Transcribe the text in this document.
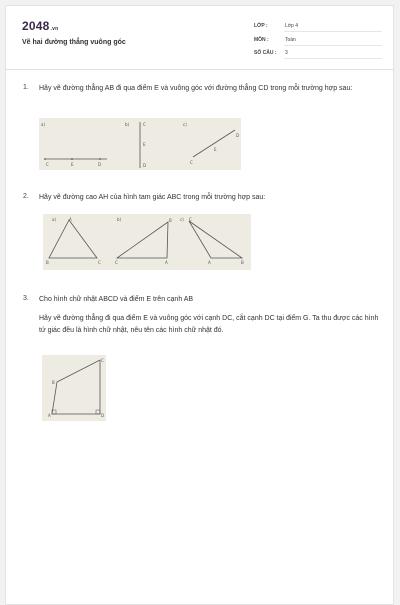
2048.vn
Vẽ hai đường thẳng vuông góc
LỚP :	Lớp 4
MÔN :	Toán
SỐ CÂU : 3
1. Hãy vẽ đường thẳng AB đi qua điểm E và vuông góc với đường thẳng CD trong mỗi trường hợp sau:
a)
C	E	D
b)	C
E
D
c)
D
E
C
2. Hãy vẽ đường cao AH của hình tam giác ABC trong mỗi trường hợp sau:
a)	A
B	C
b)	B
C	A
c) C
A	B
3. Cho hình chữ nhật ABCD và điểm E trên cạnh AB
Hãy vẽ đường thẳng đi qua điểm E và vuông góc với cạnh DC, cắt cạnh DC tại điểm G. Ta thu được các hình tứ giác đều là hình chữ nhật, nêu tên các hình chữ nhật đó.
B
C
A	D
